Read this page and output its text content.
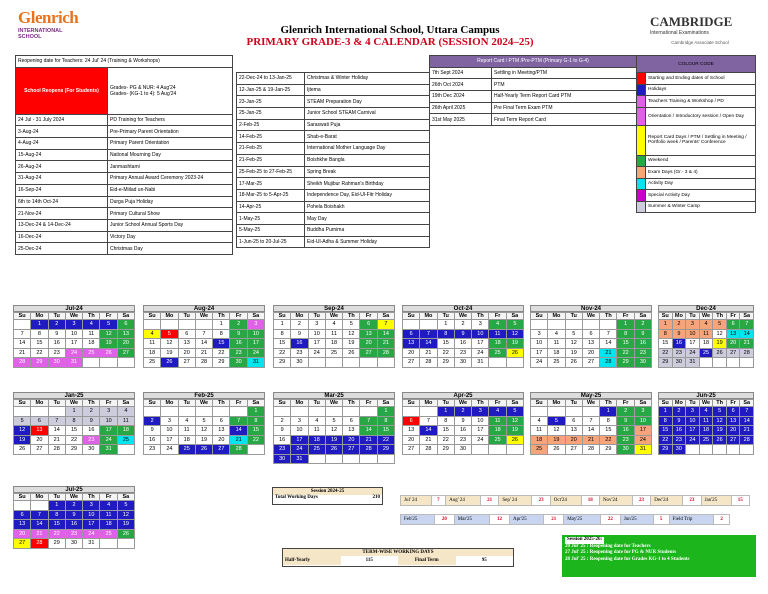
Glenrich
INTERNATIONAL
SCHOOL
Glenrich International School, Uttara Campus
PRIMARY GRADE-3 & 4 CALENDAR (SESSION 2024–25)
CAMBRIDGE
International Examinations
Cambridge Associate School
Reopening date for Teachers: 24 Jul' 24 (Training & Workshops)	
School Reopens (For Students)	Grades- PG & NUR: 4 Aug'24
Grades- (KG-1 to 4): 5 Aug'24

24 Jul - 31 July 2024	PD Training for Teachers
3-Aug-24	Pre-Primary Parent Orientation
4-Aug-24	Primary Parent Orientation
15-Aug-24	National Mourning Day
26-Aug-24	Janmashtami
31-Aug-24	Primary Annual Award Ceremony 2023-24
16-Sep-24	Eid-e-Miilad un-Nabi
6th to 14th Oct-24	Durga Puja Holiday
21-Nov-24	Primary Cultural Show
13-Dec-24 & 14-Dec-24	Junior School Annual Sports Day
16-Dec-24	Victory Day
25-Dec-24	Christmas Day
22-Dec-24 to 13-Jan-25	Christmas & Winter Holiday
12-Jan-25 & 19-Jan-25	Ijtema
23-Jan-25	STEAM Preparation Day
25-Jan-25	Junior School STEAM Carnival
2-Feb-25	Saraswati Puja
14-Feb-25	Shab-e-Barat
21-Feb-25	International Mother Language Day
21-Feb-25	Boishkhe Bangla
25-Feb-25 to 27-Feb-25	Spring Break
17-Mar-25	Sheikh Mujibur Rahman's Birthday
18-Mar-25 to 5-Apr-25	Independence Day, Eid-Ul-Fitr Holiday
14-Apr-25	Pohela Boishakh
1-May-25	May Day
5-May-25	Buddha Purnima
1-Jun-25 to 20-Jul-25	Eid-Ul-Adha & Summer Holiday
Report Card / PTM /Pre-PTM (Primary G-1 to G-4)	
7th Sept 2024	Settling in Meeting/PTM
26th Oct 2024	PTM
19th Dec 2024	Half-Yearly Term Report Card PTM
26th April 2025	Pre Final Term Exam PTM
31st May 2025	Final Term Report Card
COLOUR CODE	
	Starting and Ending dates of School
	Holidays
	Teachers Training & Workshop / PD
	Orientation / Introductory session / Open Day
	Report Card Days / PTM / Settling in Meeting / Portfolio week / Parents' Conference
	Weekend
	Exam Days (Gr.- 3 & 4)
	Activity Day
	Special Activity Day
	Summer & Winter Camp
Jul-24
Su	Mo	Tu	We	Th	Fr	Sa
	1	2	3	4	5	6
7	8	9	10	11	12	13
14	15	16	17	18	19	20
21	22	23	24	25	26	27
28	29	30	31			
Aug-24
Su	Mo	Tu	We	Th	Fr	Sa
				1	2	3
4	5	6	7	8	9	10
11	12	13	14	15	16	17
18	19	20	21	22	23	24
25	26	27	28	29	30	31
Sep-24
Su	Mo	Tu	We	Th	Fr	Sa
1	2	3	4	5	6	7
8	9	10	11	12	13	14
15	16	17	18	19	20	21
22	23	24	25	26	27	28
29	30					
Oct-24
Su	Mo	Tu	We	Th	Fr	Sa
		1	2	3	4	5
6	7	8	9	10	11	12
13	14	15	16	17	18	19
20	21	22	23	24	25	26
27	28	29	30	31		
Nov-24
Su	Mo	Tu	We	Th	Fr	Sa
					1	2
3	4	5	6	7	8	9
10	11	12	13	14	15	16
17	18	19	20	21	22	23
24	25	26	27	28	29	30
Dec-24
Su	Mo	Tu	We	Th	Fr	Sa
1	2	3	4	5	6	7
8	9	10	11	12	13	14
15	16	17	18	19	20	21
22	23	24	25	26	27	28
29	30	31				
Jan-25
Su	Mo	Tu	We	Th	Fr	Sa
			1	2	3	4
5	6	7	8	9	10	11
12	13	14	15	16	17	18
19	20	21	22	23	24	25
26	27	28	29	30	31	
Feb-25
Su	Mo	Tu	We	Th	Fr	Sa
						1
2	3	4	5	6	7	8
9	10	11	12	13	14	15
16	17	18	19	20	21	22
23	24	25	26	27	28	
Mar-25
Su	Mo	Tu	We	Th	Fr	Sa
						1
2	3	4	5	6	7	8
9	10	11	12	13	14	15
16	17	18	19	20	21	22
23	24	25	26	27	28	29
30	31					
Apr-25
Su	Mo	Tu	We	Th	Fr	Sa
		1	2	3	4	5
6	7	8	9	10	11	12
13	14	15	16	17	18	19
20	21	22	23	24	25	26
27	28	29	30			
May-25
Su	Mo	Tu	We	Th	Fr	Sa
				1	2	3
4	5	6	7	8	9	10
11	12	13	14	15	16	17
18	19	20	21	22	23	24
25	26	27	28	29	30	31
Jun-25
Su	Mo	Tu	We	Th	Fr	Sa
1	2	3	4	5	6	7
8	9	10	11	12	13	14
15	16	17	18	19	20	21
22	23	24	25	26	27	28
29	30					
Jul-25
Su	Mo	Tu	We	Th	Fr	Sa
		1	2	3	4	5
6	7	8	9	10	11	12
13	14	15	16	17	18	19
20	21	22	23	24	25	26
27	28	29	30	31		
Session 2024-25
Total Working Days	210
Jul' 24	7	Aug' 24	21	Sep' 24	23	Oct'24	18	Nov'24	23	Dec'24	23	Jan'25	15
Feb'25	20	Mar'25	12	Apr'25	21	May'25	22	Jun'25	5	Field Trip	2
TERM-WISE WORKING DAYS
Half-Yearly	115	Final Term	95
Session 2025-26:
20 Jul' 25 : Reopening date for Teachers
27 Jul' 25 : Reopening date for PG & NUR Students
28 Jul' 25 : Reopening date for Grades KG-1 to 4 Students
